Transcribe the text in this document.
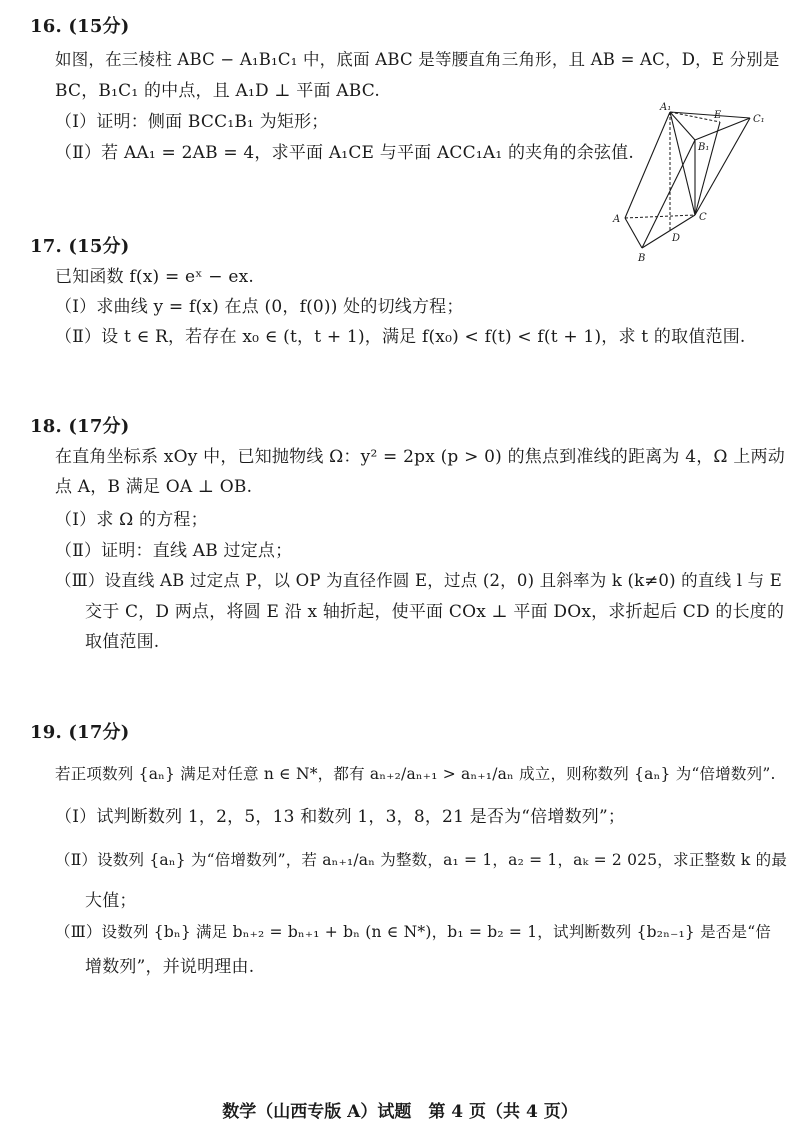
16. (15分)
如图，在三棱柱 ABC − A₁B₁C₁ 中，底面 ABC 是等腰直角三角形，且 AB = AC，D，E 分别是
BC，B₁C₁ 的中点，且 A₁D ⊥ 平面 ABC.
（Ⅰ）证明：侧面 BCC₁B₁ 为矩形；
（Ⅱ）若 AA₁ = 2AB = 4，求平面 A₁CE 与平面 ACC₁A₁ 的夹角的余弦值.
A₁
E	C₁
B₁
A	C
D
B
17. (15分)
已知函数 f(x) = eˣ − ex.
（Ⅰ）求曲线 y = f(x) 在点 (0，f(0)) 处的切线方程；
（Ⅱ）设 t ∈ R，若存在 x₀ ∈ (t，t + 1)，满足 f(x₀) < f(t) < f(t + 1)，求 t 的取值范围.
18. (17分)
在直角坐标系 xOy 中，已知抛物线 Ω：y² = 2px (p > 0) 的焦点到准线的距离为 4，Ω 上两动
点 A，B 满足 OA ⊥ OB.
（Ⅰ）求 Ω 的方程；
（Ⅱ）证明：直线 AB 过定点；
（Ⅲ）设直线 AB 过定点 P，以 OP 为直径作圆 E，过点 (2，0) 且斜率为 k (k≠0) 的直线 l 与 E
交于 C，D 两点，将圆 E 沿 x 轴折起，使平面 COx ⊥ 平面 DOx，求折起后 CD 的长度的
取值范围.
19. (17分)
若正项数列 {aₙ} 满足对任意 n ∈ N*，都有 aₙ₊₂/aₙ₊₁ > aₙ₊₁/aₙ 成立，则称数列 {aₙ} 为“倍增数列”.
（Ⅰ）试判断数列 1，2，5，13 和数列 1，3，8，21 是否为“倍增数列”；
（Ⅱ）设数列 {aₙ} 为“倍增数列”，若 aₙ₊₁/aₙ 为整数，a₁ = 1，a₂ = 1，aₖ = 2 025，求正整数 k 的最
大值；
（Ⅲ）设数列 {bₙ} 满足 bₙ₊₂ = bₙ₊₁ + bₙ (n ∈ N*)，b₁ = b₂ = 1，试判断数列 {b₂ₙ₋₁} 是否是“倍
增数列”，并说明理由.
数学（山西专版 A）试题　第 4 页（共 4 页）
